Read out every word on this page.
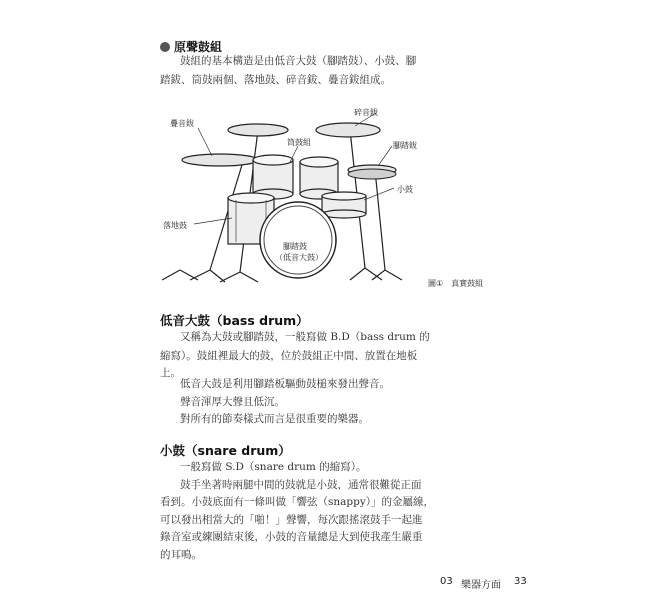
原聲鼓組
鼓組的基本構造是由低音大鼓（腳踏鼓）、小鼓、腳
踏鈸、筒鼓兩個、落地鼓、碎音鈸、疊音鈸組成。
疊音鈸
碎音鈸
筒鼓組	腳踏鈸
小鼓
落地鼓
腳踏鼓
（低音大鼓）
圖①　真實鼓組
低音大鼓（bass drum）
又稱為大鼓或腳踏鼓，一般寫做 B.D（bass drum 的
縮寫）。鼓組裡最大的鼓，位於鼓組正中間、放置在地板
上。
低音大鼓是利用腳踏板驅動鼓槌來發出聲音。
聲音渾厚大聲且低沉。
對所有的節奏樣式而言是很重要的樂器。
小鼓（snare drum）
一般寫做 S.D（snare drum 的縮寫）。
鼓手坐著時兩腿中間的鼓就是小鼓，通常很難從正面
看到。小鼓底面有一條叫做「響弦（snappy）」的金屬線，
可以發出相當大的「啪！」聲響，每次跟搖滾鼓手一起進
錄音室或練團結束後，小鼓的音量總是大到使我產生嚴重
的耳鳴。
03 樂器方面 33
